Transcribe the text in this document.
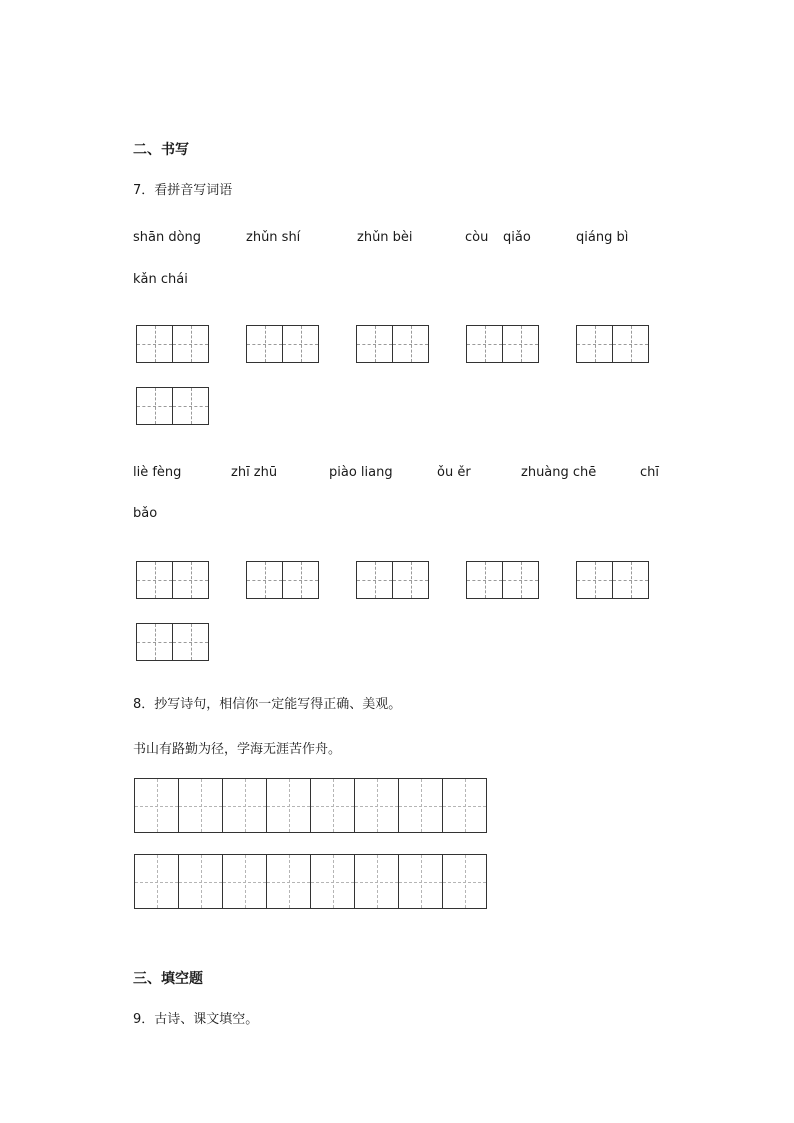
二、书写
7．看拼音写词语
shān dòng	zhǔn shí	zhǔn bèi	còu qiǎo	qiáng bì
kǎn chái
liè fèng	zhī zhū	piào liang	ǒu ěr	zhuàng chē	chī
bǎo
8．抄写诗句，相信你一定能写得正确、美观。
书山有路勤为径，学海无涯苦作舟。
三、填空题
9．古诗、课文填空。
